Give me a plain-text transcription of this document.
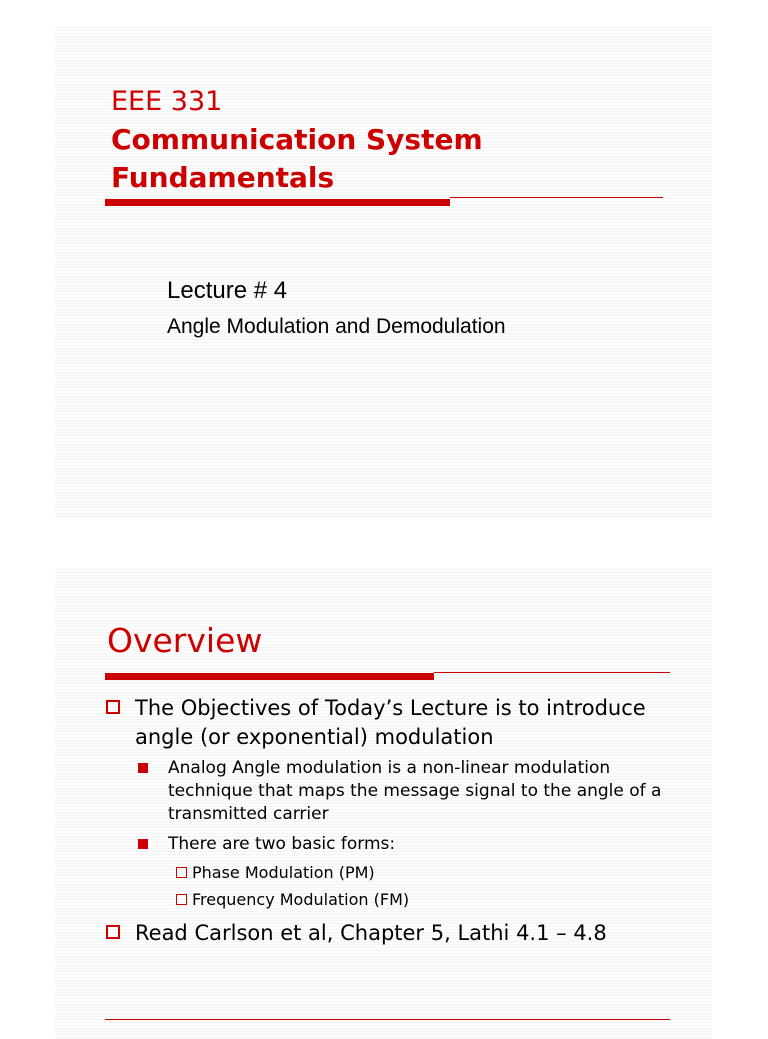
EEE 331
Communication System Fundamentals
Lecture # 4
Angle Modulation and Demodulation
Overview
The Objectives of Today’s Lecture is to introduce angle (or exponential) modulation
Analog Angle modulation is a non-linear modulation technique that maps the message signal to the angle of a transmitted carrier
There are two basic forms:
Phase Modulation (PM)
Frequency Modulation (FM)
Read Carlson et al, Chapter 5, Lathi 4.1 – 4.8
